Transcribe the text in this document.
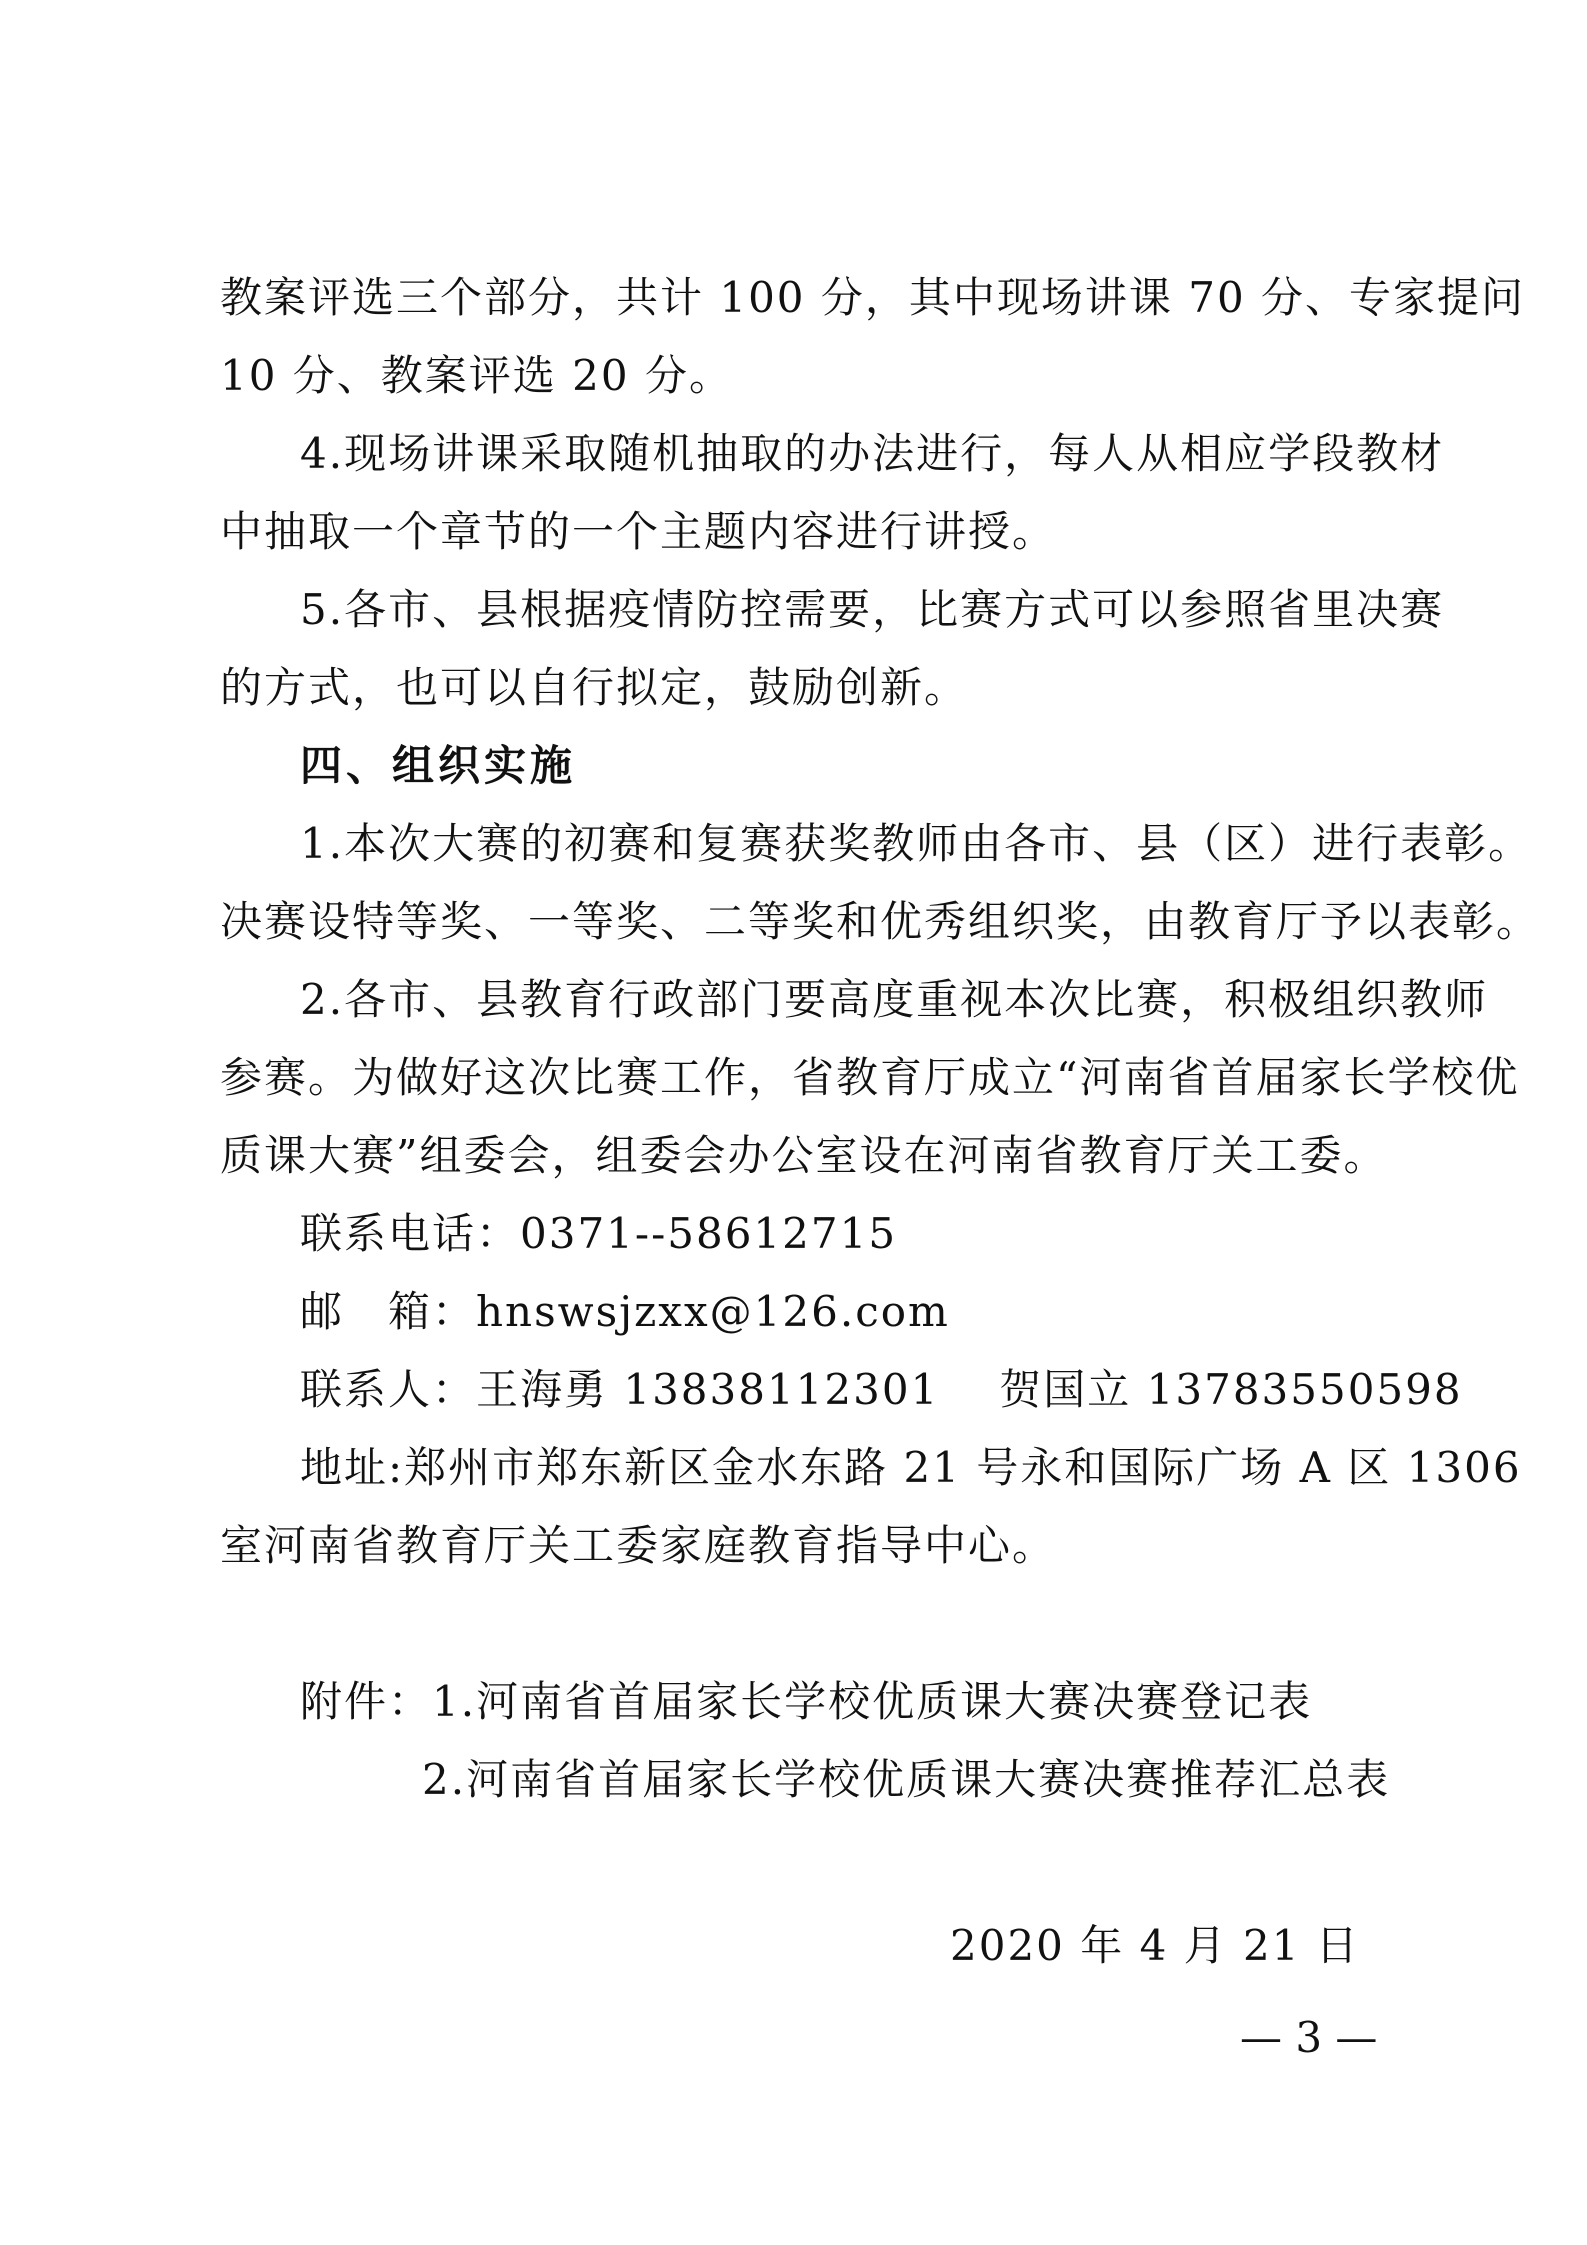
教案评选三个部分，共计 100 分，其中现场讲课 70 分、专家提问
10 分、教案评选 20 分。
4.现场讲课采取随机抽取的办法进行，每人从相应学段教材
中抽取一个章节的一个主题内容进行讲授。
5.各市、县根据疫情防控需要，比赛方式可以参照省里决赛
的方式，也可以自行拟定，鼓励创新。
四、组织实施
1.本次大赛的初赛和复赛获奖教师由各市、县（区）进行表彰。
决赛设特等奖、一等奖、二等奖和优秀组织奖，由教育厅予以表彰。
2.各市、县教育行政部门要高度重视本次比赛，积极组织教师
参赛。为做好这次比赛工作，省教育厅成立“河南省首届家长学校优
质课大赛”组委会，组委会办公室设在河南省教育厅关工委。
联系电话：0371--58612715
邮　箱：hnswsjzxx@126.com
联系人：王海勇 13838112301 贺国立 13783550598
地址:郑州市郑东新区金水东路 21 号永和国际广场 A 区 1306
室河南省教育厅关工委家庭教育指导中心。
附件：1.河南省首届家长学校优质课大赛决赛登记表
2.河南省首届家长学校优质课大赛决赛推荐汇总表
2020 年 4 月 21 日
— 3 —
